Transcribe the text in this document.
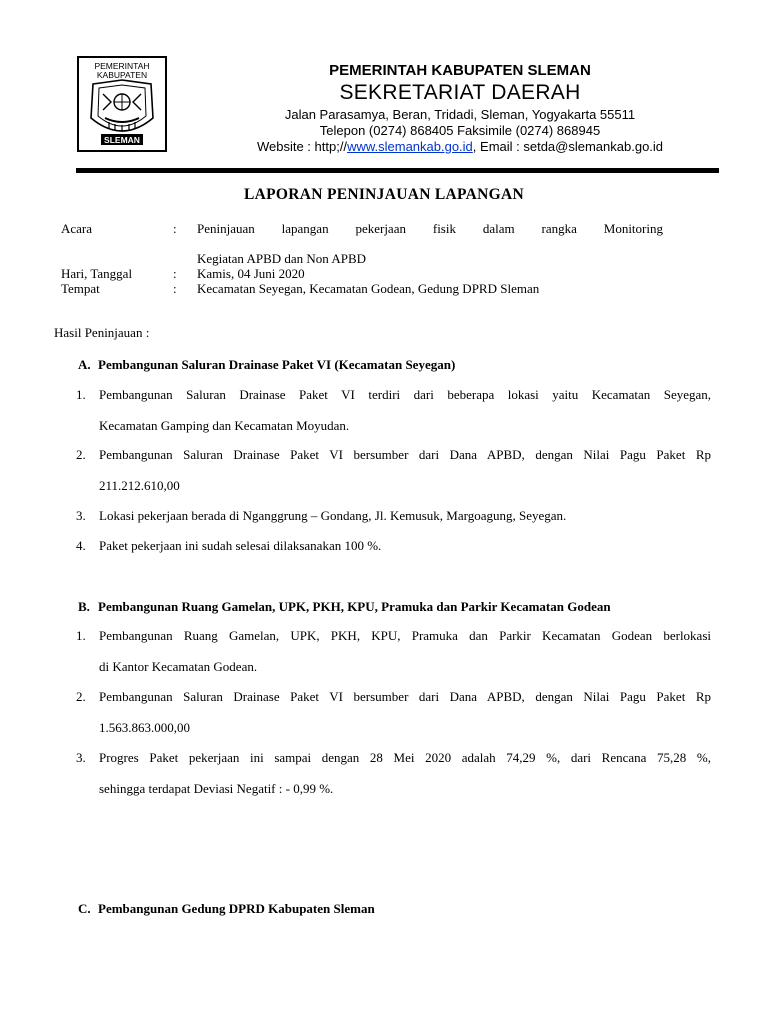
PEMERINTAH
KABUPATEN
SLEMAN
PEMERINTAH KABUPATEN SLEMAN
SEKRETARIAT DAERAH
Jalan Parasamya, Beran, Tridadi, Sleman, Yogyakarta 55511
Telepon (0274) 868405 Faksimile (0274) 868945
Website : http;//www.slemankab.go.id, Email : setda@slemankab.go.id
LAPORAN PENINJAUAN LAPANGAN
Acara	: Peninjauan lapangan pekerjaan fisik dalam rangka Monitoring
Kegiatan APBD dan Non APBD
Hari, Tanggal	: Kamis, 04 Juni 2020
Tempat	: Kecamatan Seyegan, Kecamatan Godean, Gedung DPRD Sleman
Hasil Peninjauan :
A. Pembangunan Saluran Drainase Paket VI (Kecamatan Seyegan)
1. Pembangunan Saluran Drainase Paket VI terdiri dari beberapa lokasi yaitu Kecamatan Seyegan,
Kecamatan Gamping dan Kecamatan Moyudan.
2. Pembangunan Saluran Drainase Paket VI bersumber dari Dana APBD, dengan Nilai Pagu Paket Rp
211.212.610,00
3. Lokasi pekerjaan berada di Nganggrung – Gondang, Jl. Kemusuk, Margoagung, Seyegan.
4. Paket pekerjaan ini sudah selesai dilaksanakan 100 %.
B. Pembangunan Ruang Gamelan, UPK, PKH, KPU, Pramuka dan Parkir Kecamatan Godean
1. Pembangunan Ruang Gamelan, UPK, PKH, KPU, Pramuka dan Parkir Kecamatan Godean berlokasi
di Kantor Kecamatan Godean.
2. Pembangunan Saluran Drainase Paket VI bersumber dari Dana APBD, dengan Nilai Pagu Paket Rp
1.563.863.000,00
3. Progres Paket pekerjaan ini sampai dengan 28 Mei 2020 adalah 74,29 %, dari Rencana 75,28 %,
sehingga terdapat Deviasi Negatif : - 0,99 %.
C. Pembangunan Gedung DPRD Kabupaten Sleman
